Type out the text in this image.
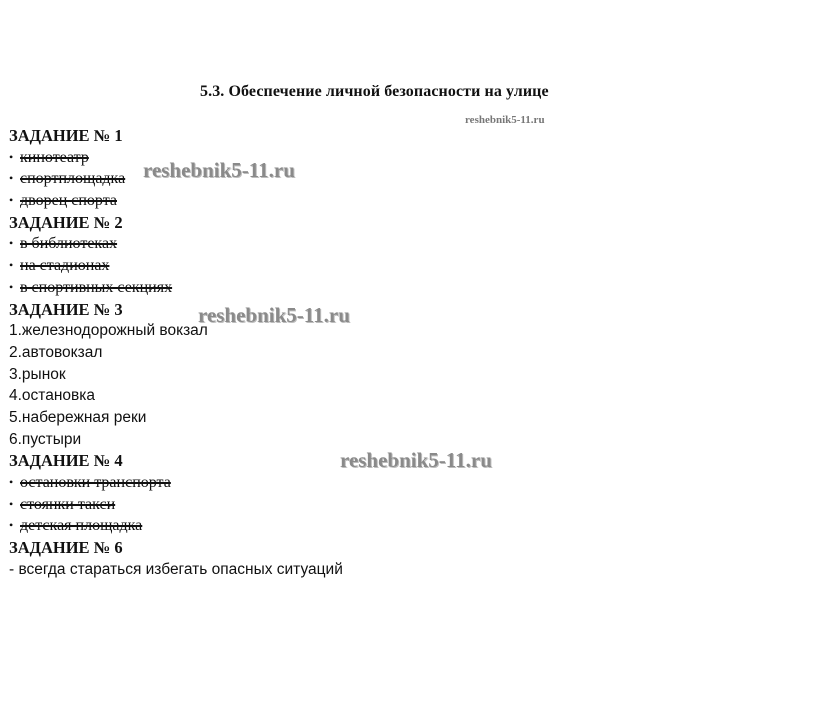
5.3. Обеспечение личной безопасности на улице
ЗАДАНИЕ № 1
• кинотеатр
• спортплощадка
• дворец спорта
ЗАДАНИЕ № 2
• в библиотеках
• на стадионах
• в спортивных секциях
ЗАДАНИЕ № 3
1.железнодорожный вокзал
2.автовокзал
3.рынок
4.остановка
5.набережная реки
6.пустыри
ЗАДАНИЕ № 4
• остановки транспорта
• стоянки такси
• детская площадка
ЗАДАНИЕ № 6
- всегда стараться избегать опасных ситуаций
reshebnik5-11.ru
reshebnik5-11.ru
reshebnik5-11.ru
reshebnik5-11.ru
